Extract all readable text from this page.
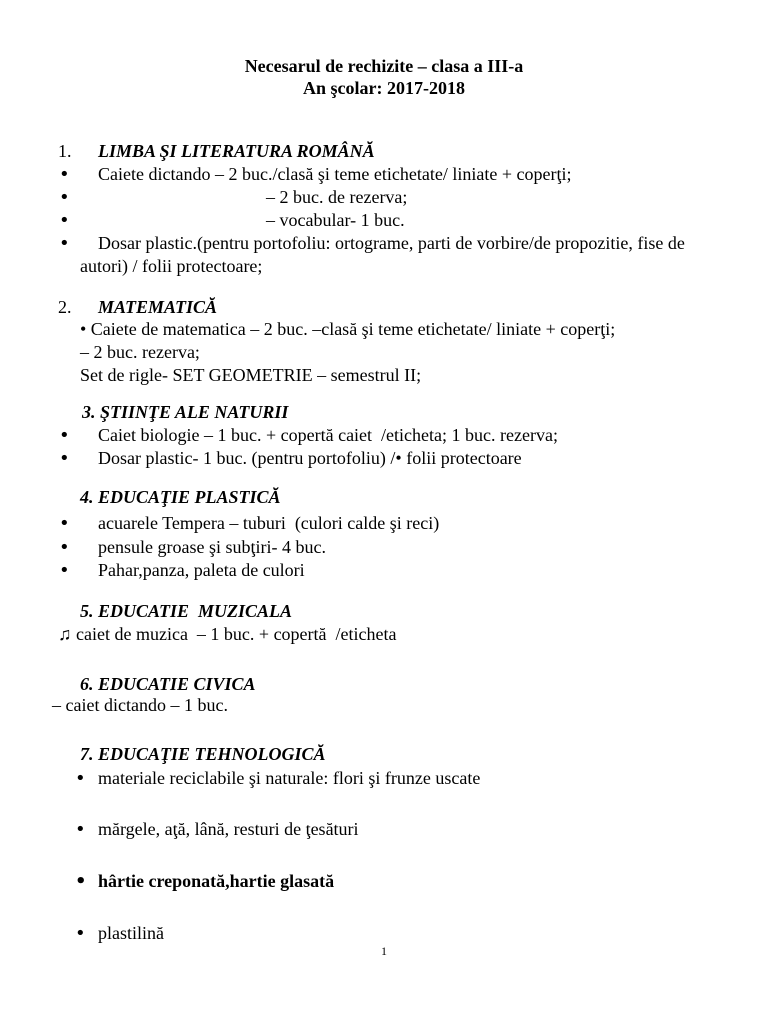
Necesarul de rechizite – clasa a III-a
An şcolar: 2017-2018
1. LIMBA ŞI LITERATURA ROMÂNĂ
• Caiete dictando – 2 buc./clasă şi teme etichetate/ liniate + coperţi;
•	– 2 buc. de rezerva;
•	– vocabular- 1 buc.
• Dosar plastic.(pentru portofoliu: ortograme, parti de vorbire/de propozitie, fise de
autori) / folii protectoare;
2. MATEMATICĂ
• Caiete de matematica – 2 buc. –clasă şi teme etichetate/ liniate + coperţi;
– 2 buc. rezerva;
Set de rigle- SET GEOMETRIE – semestrul II;
3. ŞTIINŢE ALE NATURII
• Caiet biologie – 1 buc. + copertă caiet  /eticheta; 1 buc. rezerva;
• Dosar plastic- 1 buc. (pentru portofoliu) /• folii protectoare
4. EDUCAŢIE PLASTICĂ
• acuarele Tempera – tuburi  (culori calde şi reci)
• pensule groase şi subţiri- 4 buc.
• Pahar,panza, paleta de culori
5. EDUCATIE  MUZICALA
♫ caiet de muzica  – 1 buc. + copertă  /eticheta
6. EDUCATIE CIVICA
– caiet dictando – 1 buc.
7. EDUCAŢIE TEHNOLOGICĂ
• materiale reciclabile şi naturale: flori şi frunze uscate
• mărgele, aţă, lână, resturi de ţesături
• hârtie creponată,hartie glasată
• plastilină
1
